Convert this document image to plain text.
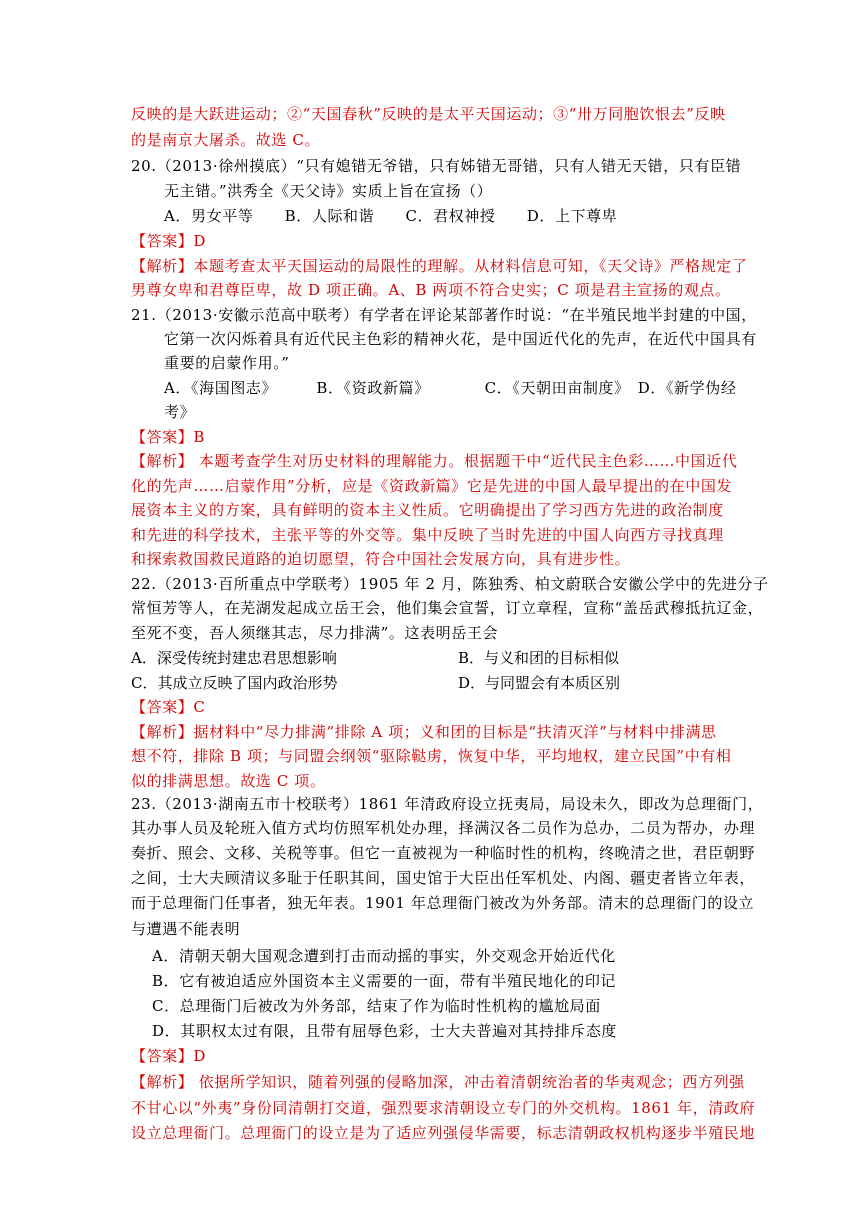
反映的是大跃进运动；②“天国春秋”反映的是太平天国运动；③“卅万同胞饮恨去”反映
的是南京大屠杀。故选 C。
20.（2013·徐州摸底）“只有媳错无爷错，只有姊错无哥错，只有人错无天错，只有臣错
无主错。”洪秀全《天父诗》实质上旨在宣扬（）
A．男女平等　　B．人际和谐　　C．君权神授　　D．上下尊卑
【答案】D
【解析】本题考查太平天国运动的局限性的理解。从材料信息可知，《天父诗》严格规定了
男尊女卑和君尊臣卑，故 D 项正确。A、B 两项不符合史实；C 项是君主宣扬的观点。
21.（2013·安徽示范高中联考）有学者在评论某部著作时说：“在半殖民地半封建的中国，
它第一次闪烁着具有近代民主色彩的精神火花，是中国近代化的先声，在近代中国具有
重要的启蒙作用。”
A．《海国图志》　　　B．《资政新篇》　　　　C．《天朝田亩制度》　D．《新学伪经
考》
【答案】B
【解析】 本题考查学生对历史材料的理解能力。根据题干中“近代民主色彩……中国近代
化的先声……启蒙作用”分析，应是《资政新篇》它是先进的中国人最早提出的在中国发
展资本主义的方案，具有鲜明的资本主义性质。它明确提出了学习西方先进的政治制度
和先进的科学技术，主张平等的外交等。集中反映了当时先进的中国人向西方寻找真理
和探索救国救民道路的迫切愿望，符合中国社会发展方向，具有进步性。
22.（2013·百所重点中学联考）1905 年 2 月，陈独秀、柏文蔚联合安徽公学中的先进分子
常恒芳等人，在芜湖发起成立岳王会，他们集会宣誓，订立章程，宣称“盖岳武穆抵抗辽金，
至死不变，吾人须继其志，尽力排满”。这表明岳王会
A．深受传统封建忠君思想影响	B．与义和团的目标相似
C．其成立反映了国内政治形势	D．与同盟会有本质区别
【答案】C
【解析】据材料中“尽力排满”排除 A 项；义和团的目标是“扶清灭洋”与材料中排满思
想不符，排除 B 项；与同盟会纲领“驱除鞑虏，恢复中华，平均地权，建立民国”中有相
似的排满思想。故选 C 项。
23.（2013·湖南五市十校联考）1861 年清政府设立抚夷局，局设未久，即改为总理衙门，
其办事人员及轮班入值方式均仿照军机处办理，择满汉各二员作为总办，二员为帮办，办理
奏折、照会、文移、关税等事。但它一直被视为一种临时性的机构，终晚清之世，君臣朝野
之间，士大夫顾清议多耻于任职其间，国史馆于大臣出任军机处、内阁、疆吏者皆立年表，
而于总理衙门任事者，独无年表。1901 年总理衙门被改为外务部。清末的总理衙门的设立
与遭遇不能表明
A．清朝天朝大国观念遭到打击而动摇的事实，外交观念开始近代化
B．它有被迫适应外国资本主义需要的一面，带有半殖民地化的印记
C．总理衙门后被改为外务部，结束了作为临时性机构的尴尬局面
D．其职权太过有限，且带有屈辱色彩，士大夫普遍对其持排斥态度
【答案】D
【解析】 依据所学知识，随着列强的侵略加深，冲击着清朝统治者的华夷观念；西方列强
不甘心以“外夷”身份同清朝打交道，强烈要求清朝设立专门的外交机构。1861 年，清政府
设立总理衙门。总理衙门的设立是为了适应列强侵华需要，标志清朝政权机构逐步半殖民地
